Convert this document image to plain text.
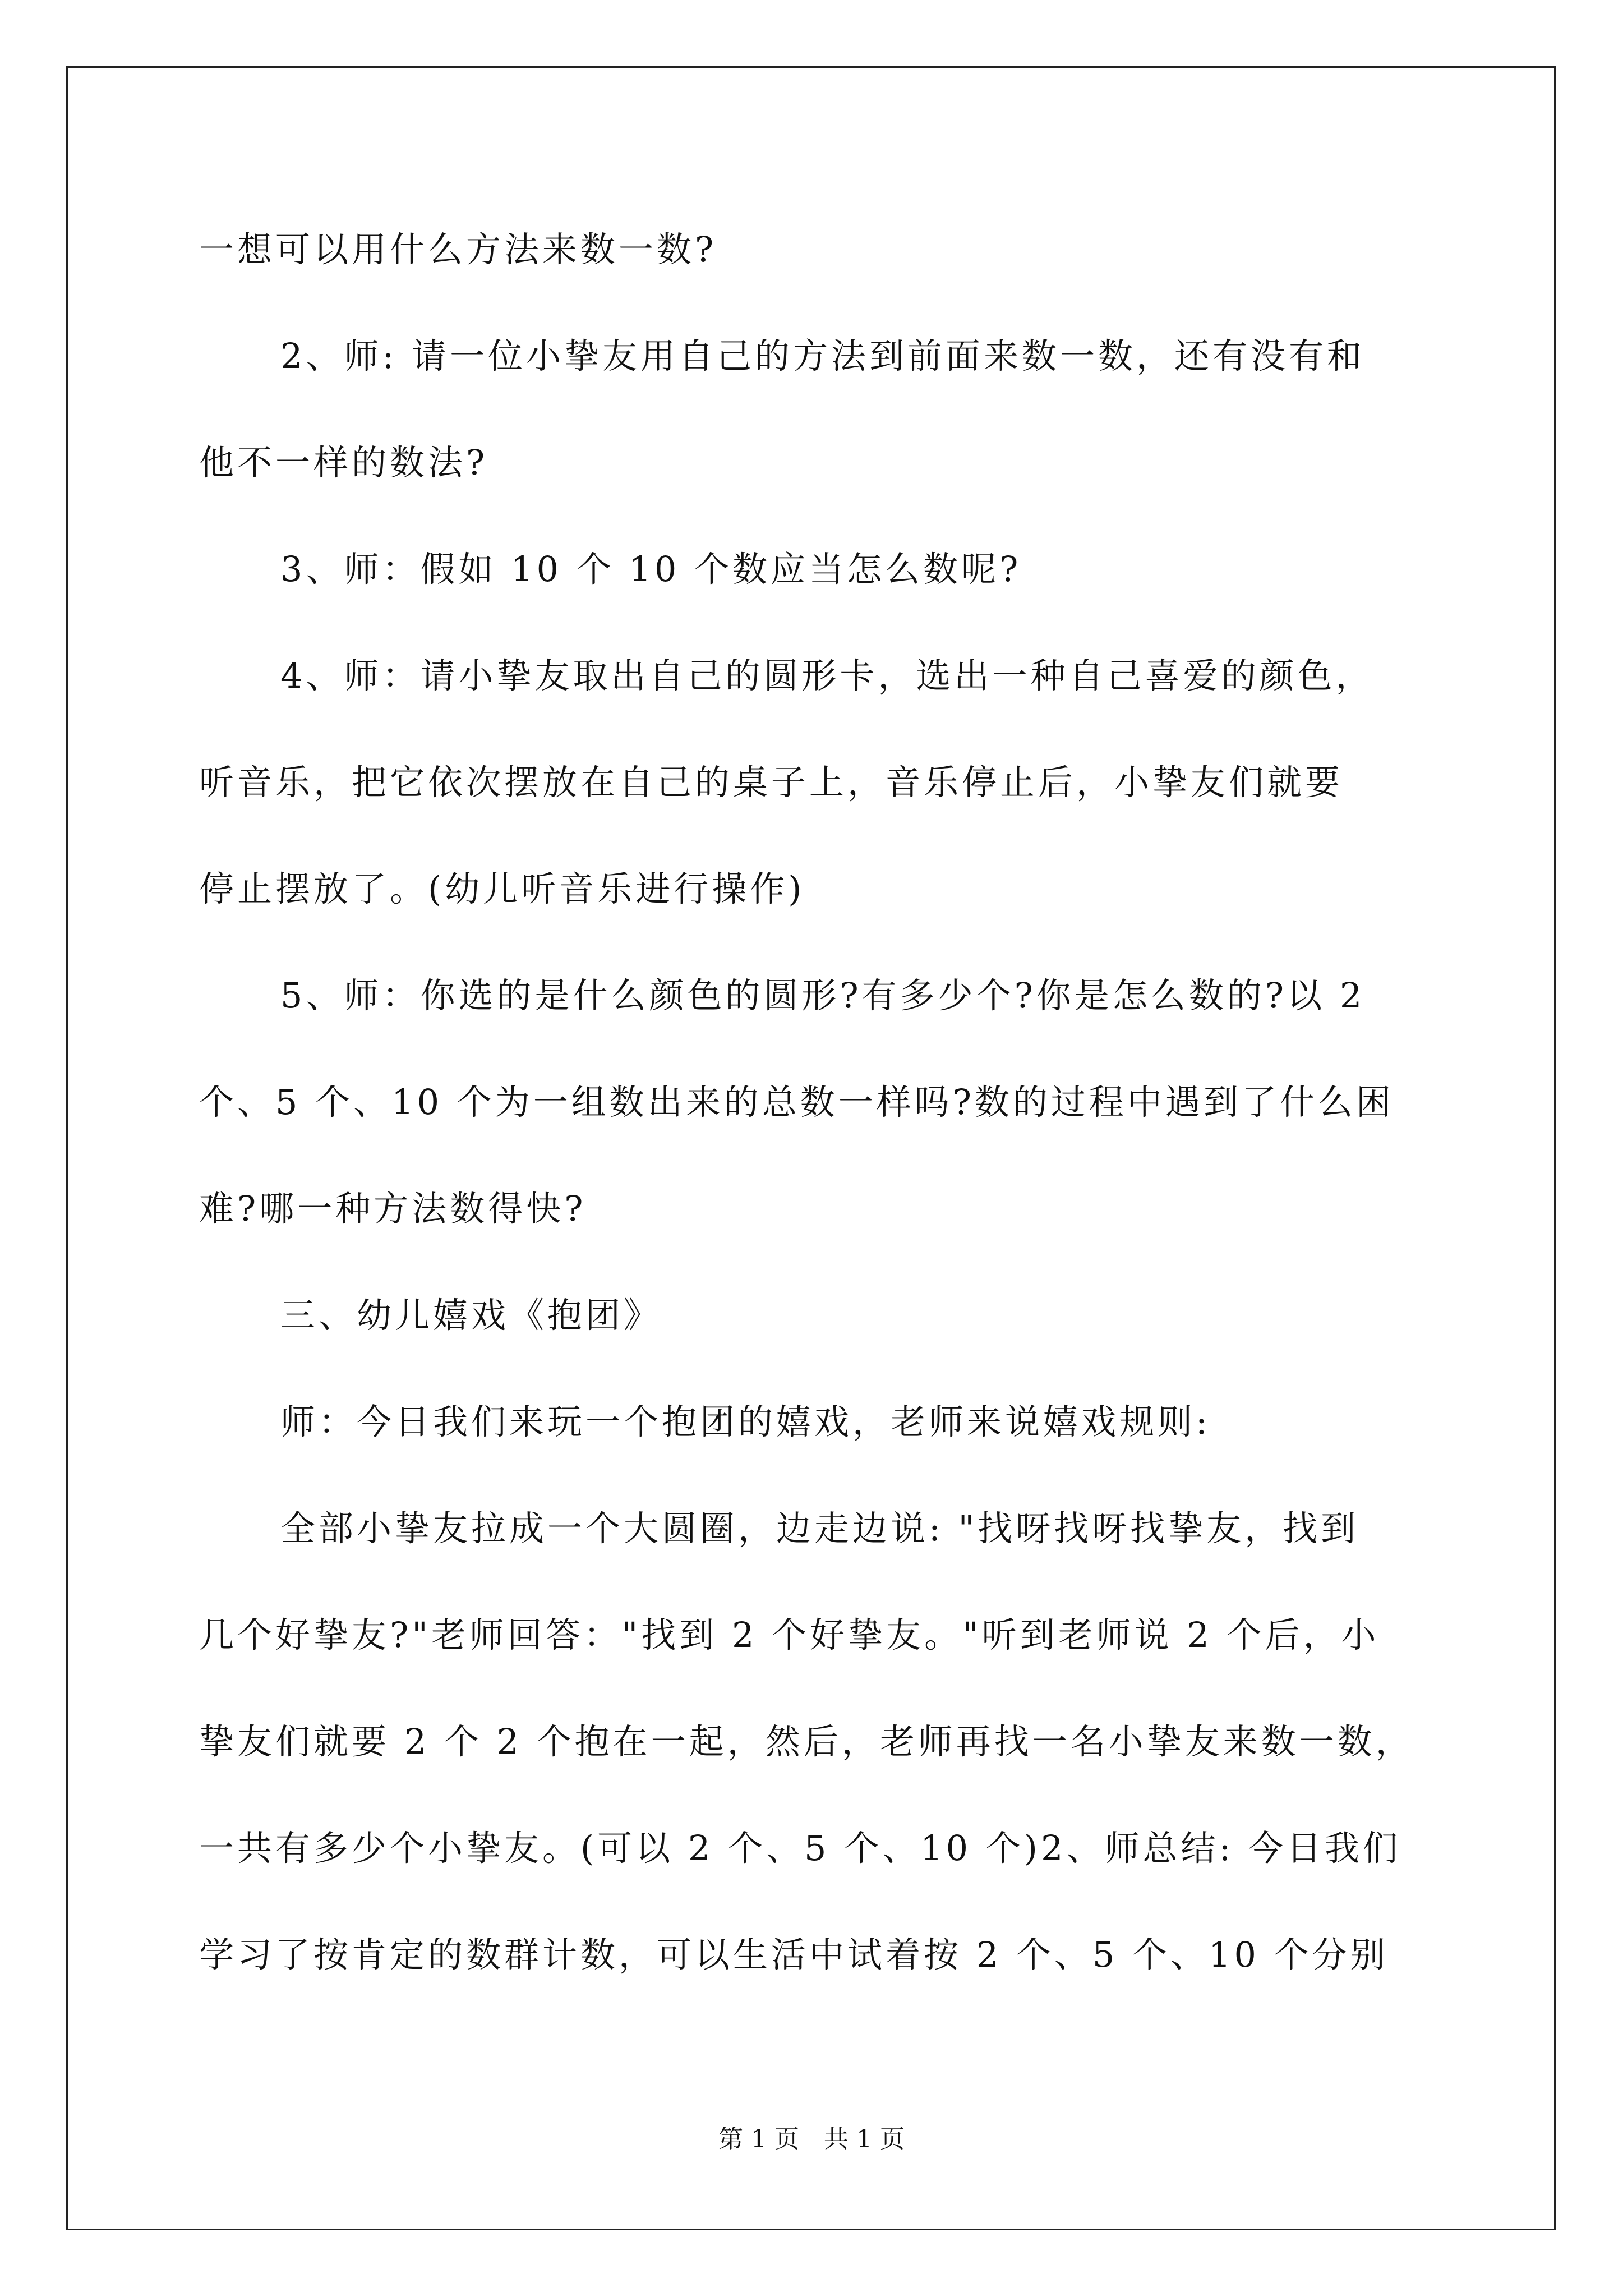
一想可以用什么方法来数一数?
2、师: 请一位小挚友用自己的方法到前面来数一数，还有没有和
他不一样的数法?
3、师：假如 10 个 10 个数应当怎么数呢?
4、师：请小挚友取出自己的圆形卡，选出一种自己喜爱的颜色，
听音乐，把它依次摆放在自己的桌子上，音乐停止后，小挚友们就要
停止摆放了。(幼儿听音乐进行操作)
5、师：你选的是什么颜色的圆形?有多少个?你是怎么数的?以 2
个、5 个、10 个为一组数出来的总数一样吗?数的过程中遇到了什么困
难?哪一种方法数得快?
三、幼儿嬉戏《抱团》
师：今日我们来玩一个抱团的嬉戏，老师来说嬉戏规则:
全部小挚友拉成一个大圆圈，边走边说: "找呀找呀找挚友，找到
几个好挚友?"老师回答："找到 2 个好挚友。"听到老师说 2 个后，小
挚友们就要 2 个 2 个抱在一起，然后，老师再找一名小挚友来数一数，
一共有多少个小挚友。(可以 2 个、5 个、10 个)2、师总结: 今日我们
学习了按肯定的数群计数，可以生活中试着按 2 个、5 个、10 个分别
第 1 页　共 1 页
